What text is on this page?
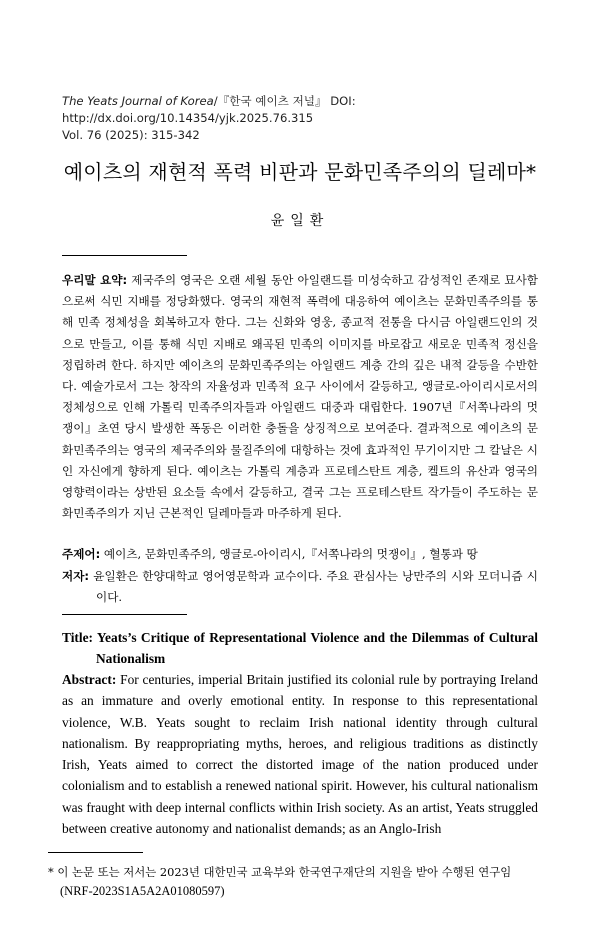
The Yeats Journal of Korea/『한국 예이츠 저널』 DOI: http://dx.doi.org/10.14354/yjk.2025.76.315
Vol. 76 (2025): 315-342
예이츠의 재현적 폭력 비판과 문화민족주의의 딜레마*
윤일환
우리말 요약: 제국주의 영국은 오랜 세월 동안 아일랜드를 미성숙하고 감성적인 존재로 묘사함으로써 식민 지배를 정당화했다. 영국의 재현적 폭력에 대응하여 예이츠는 문화민족주의를 통해 민족 정체성을 회복하고자 한다. 그는 신화와 영웅, 종교적 전통을 다시금 아일랜드인의 것으로 만들고, 이를 통해 식민 지배로 왜곡된 민족의 이미지를 바로잡고 새로운 민족적 정신을 정립하려 한다. 하지만 예이츠의 문화민족주의는 아일랜드 계층 간의 깊은 내적 갈등을 수반한다. 예술가로서 그는 창작의 자율성과 민족적 요구 사이에서 갈등하고, 앵글로-아이리시로서의 정체성으로 인해 가톨릭 민족주의자들과 아일랜드 대중과 대립한다. 1907년『서쪽나라의 멋쟁이』초연 당시 발생한 폭동은 이러한 충돌을 상징적으로 보여준다. 결과적으로 예이츠의 문화민족주의는 영국의 제국주의와 물질주의에 대항하는 것에 효과적인 무기이지만 그 칼날은 시인 자신에게 향하게 된다. 예이츠는 가톨릭 계층과 프로테스탄트 계층, 켈트의 유산과 영국의 영향력이라는 상반된 요소들 속에서 갈등하고, 결국 그는 프로테스탄트 작가들이 주도하는 문화민족주의가 지닌 근본적인 딜레마들과 마주하게 된다.
주제어: 예이츠, 문화민족주의, 앵글로-아이리시,『서쪽나라의 멋쟁이』, 혈통과 땅
저자: 윤일환은 한양대학교 영어영문학과 교수이다. 주요 관심사는 낭만주의 시와 모더니즘 시이다.
Title: Yeats’s Critique of Representational Violence and the Dilemmas of Cultural Nationalism
Abstract: For centuries, imperial Britain justified its colonial rule by portraying Ireland as an immature and overly emotional entity. In response to this representational violence, W.B. Yeats sought to reclaim Irish national identity through cultural nationalism. By reappropriating myths, heroes, and religious traditions as distinctly Irish, Yeats aimed to correct the distorted image of the nation produced under colonialism and to establish a renewed national spirit. However, his cultural nationalism was fraught with deep internal conflicts within Irish society. As an artist, Yeats struggled between creative autonomy and nationalist demands; as an Anglo-Irish
* 이 논문 또는 저서는 2023년 대한민국 교육부와 한국연구재단의 지원을 받아 수행된 연구임
(NRF-2023S1A5A2A01080597)
